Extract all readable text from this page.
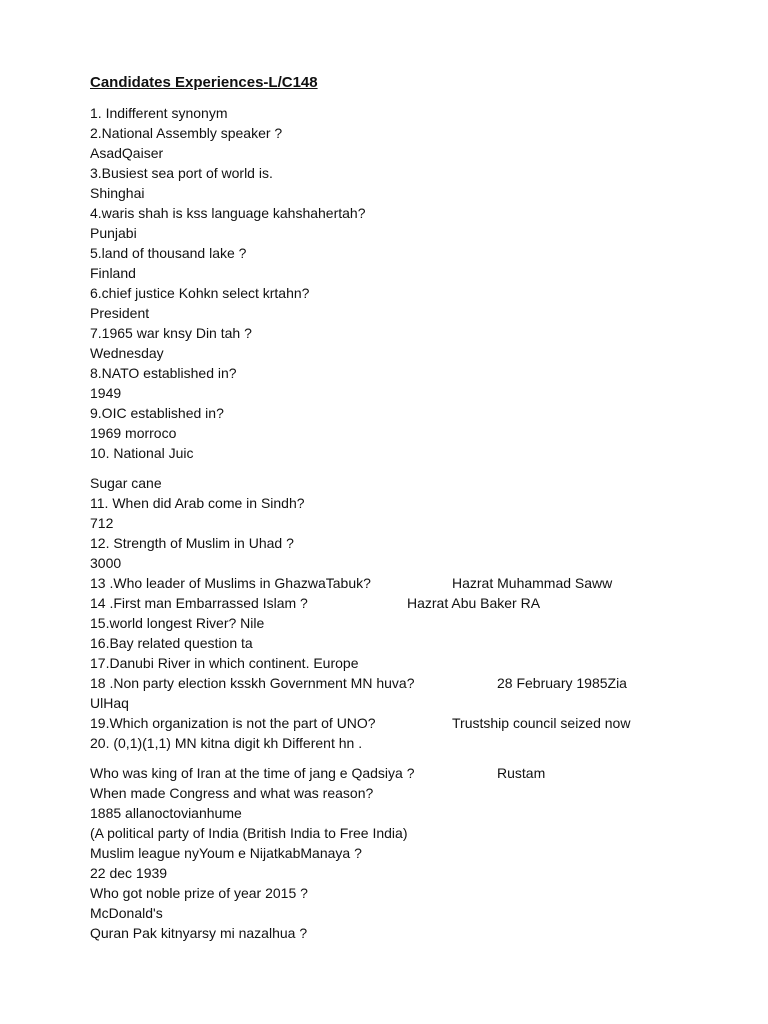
Candidates Experiences-L/C148
1. Indifferent synonym
2.National Assembly speaker ?
AsadQaiser
3.Busiest sea port of world is.
Shinghai
4.waris shah is kss language kahshahertah?
Punjabi
5.land of thousand lake ?
Finland
6.chief justice Kohkn select krtahn?
President
7.1965 war knsy Din tah ?
Wednesday
8.NATO established in?
1949
9.OIC established in?
1969 morroco
10. National Juic
Sugar cane
11. When did Arab come in Sindh?
712
12. Strength of Muslim in Uhad ?
3000
13 .Who leader of Muslims in GhazwaTabuk?	Hazrat Muhammad Saww
14 .First man Embarrassed Islam ?	Hazrat Abu Baker RA
15.world longest River? Nile
16.Bay related question ta
17.Danubi River in which continent. Europe
18 .Non party election ksskh Government MN huva?	28 February 1985Zia
UlHaq
19.Which organization is not the part of UNO?	Trustship council seized now
20. (0,1)(1,1) MN kitna digit kh Different hn .
Who was king of Iran at the time of jang e Qadsiya ?	Rustam
When made Congress and what was reason?
1885 allanoctovianhume
(A political party of India (British India to Free India)
Muslim league nyYoum e NijatkabManaya ?
22 dec 1939
Who got noble prize of year 2015 ?
McDonald's
Quran Pak kitnyarsy mi nazalhua ?
